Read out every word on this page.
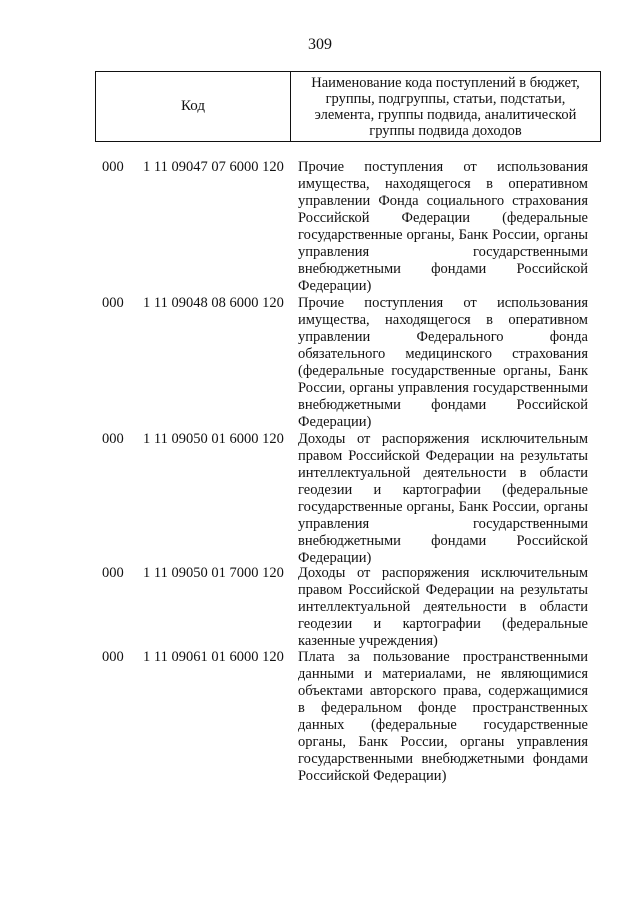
309
Код
Наименование кода поступлений в бюджет, группы, подгруппы, статьи, подстатьи, элемента, группы подвида, аналитической группы подвида доходов
000 1 11 09047 07 6000 120 Прочие поступления от использования имущества, находящегося в оперативном управлении Фонда социального страхования Российской Федерации (федеральные государственные органы, Банк России, органы управления государственными внебюджетными фондами Российской Федерации)
000 1 11 09048 08 6000 120 Прочие поступления от использования имущества, находящегося в оперативном управлении Федерального фонда обязательного медицинского страхования (федеральные государственные органы, Банк России, органы управления государственными внебюджетными фондами Российской Федерации)
000 1 11 09050 01 6000 120 Доходы от распоряжения исключительным правом Российской Федерации на результаты интеллектуальной деятельности в области геодезии и картографии (федеральные государственные органы, Банк России, органы управления государственными внебюджетными фондами Российской Федерации)
000 1 11 09050 01 7000 120 Доходы от распоряжения исключительным правом Российской Федерации на результаты интеллектуальной деятельности в области геодезии и картографии (федеральные казенные учреждения)
000 1 11 09061 01 6000 120 Плата за пользование пространственными данными и материалами, не являющимися объектами авторского права, содержащимися в федеральном фонде пространственных данных (федеральные государственные органы, Банк России, органы управления государственными внебюджетными фондами Российской Федерации)
